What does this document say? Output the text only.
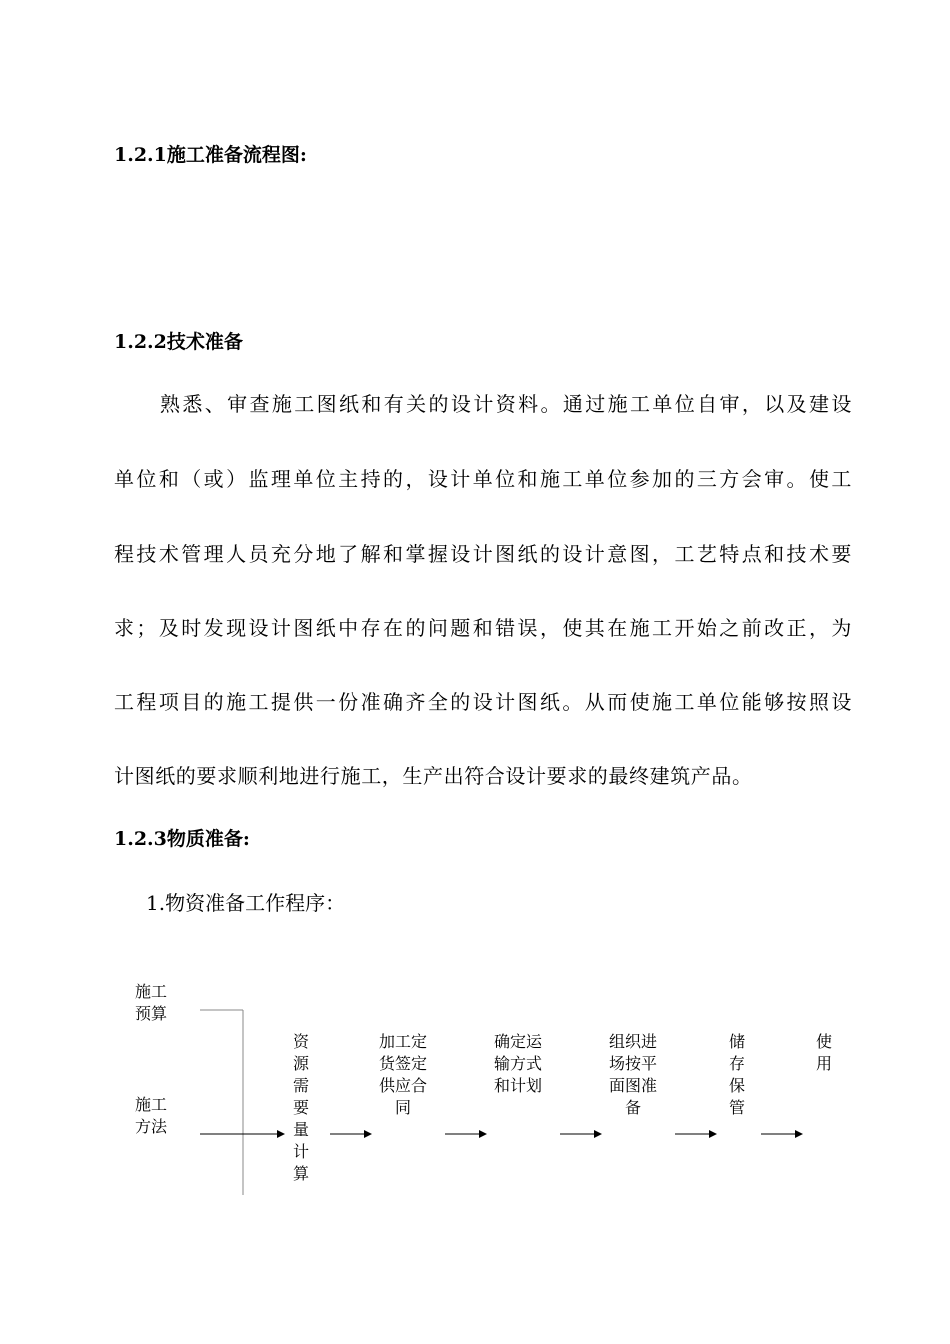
1.2.1施工准备流程图:
1.2.2技术准备
熟悉、审查施工图纸和有关的设计资料。通过施工单位自审，以及建设
单位和（或）监理单位主持的，设计单位和施工单位参加的三方会审。使工
程技术管理人员充分地了解和掌握设计图纸的设计意图，工艺特点和技术要
求；及时发现设计图纸中存在的问题和错误，使其在施工开始之前改正，为
工程项目的施工提供一份准确齐全的设计图纸。从而使施工单位能够按照设
计图纸的要求顺利地进行施工，生产出符合设计要求的最终建筑产品。
1.2.3物质准备:
1.物资准备工作程序：
施工
预算
施工
方法
资
源
需
要
量
计
算
加工定
货签定
供应合
同
确定运
输方式
和计划
组织进
场按平
面图准
备
储
存
保
管
使
用
